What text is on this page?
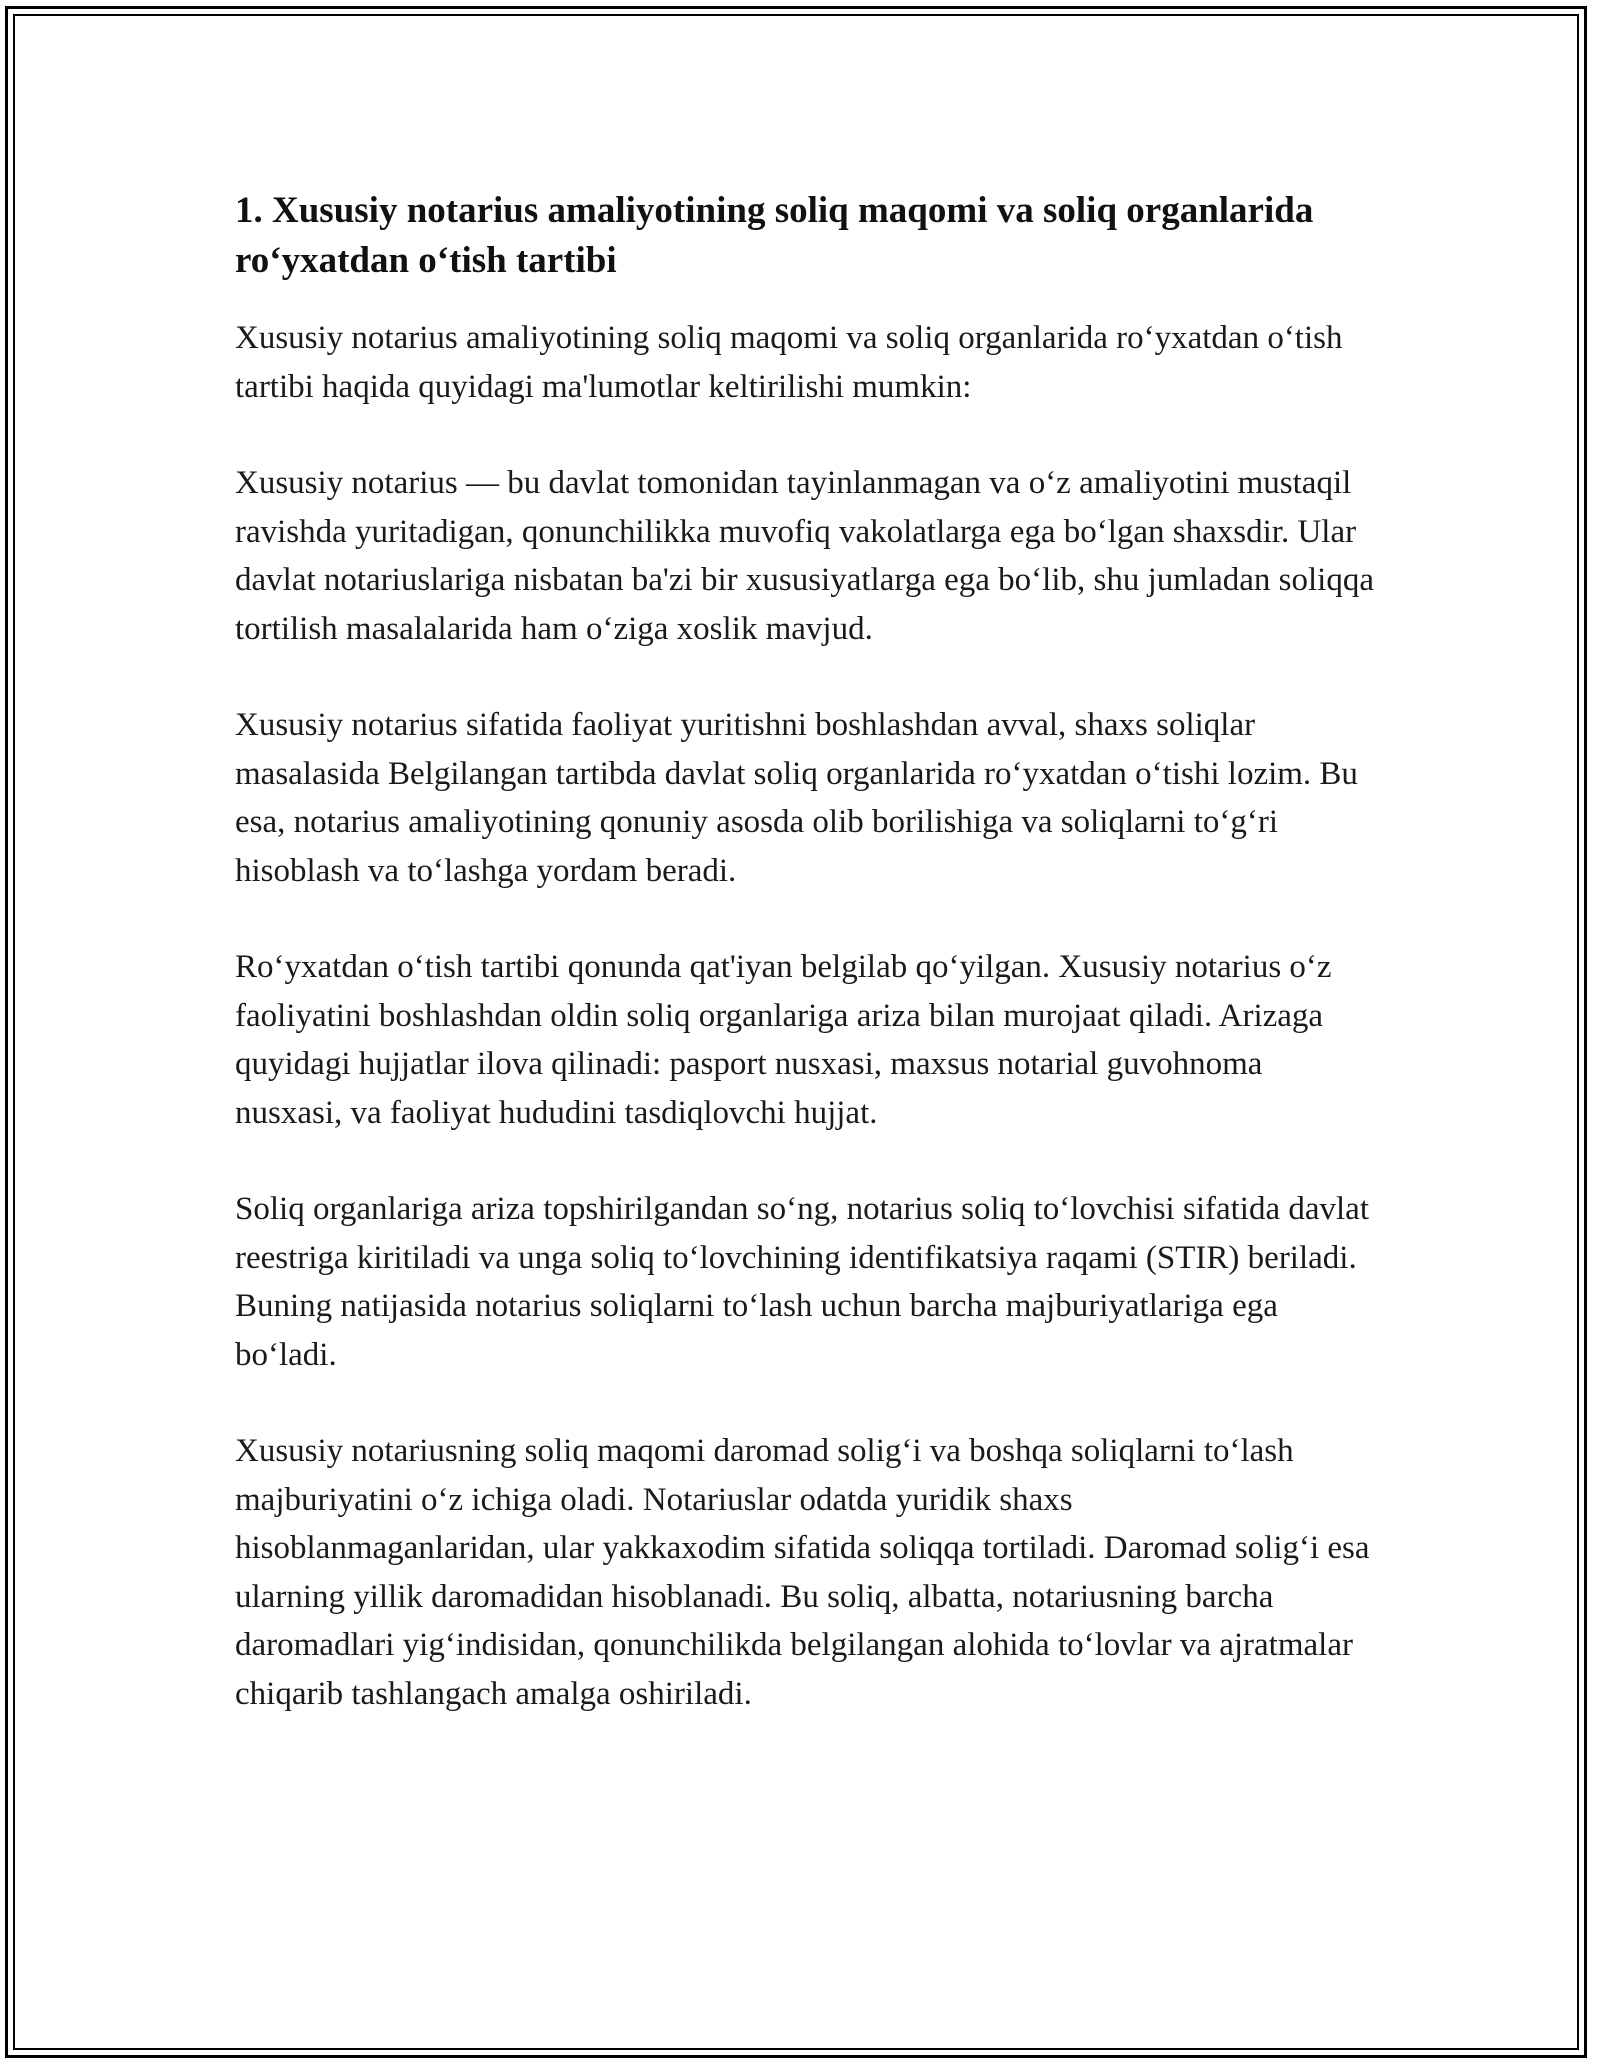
1. Xususiy notarius amaliyotining soliq maqomi va soliq organlarida ro‘yxatdan o‘tish tartibi

Xususiy notarius amaliyotining soliq maqomi va soliq organlarida ro‘yxatdan o‘tish tartibi haqida quyidagi ma'lumotlar keltirilishi mumkin:

Xususiy notarius — bu davlat tomonidan tayinlanmagan va o‘z amaliyotini mustaqil ravishda yuritadigan, qonunchilikka muvofiq vakolatlarga ega bo‘lgan shaxsdir. Ular davlat notariuslariga nisbatan ba'zi bir xususiyatlarga ega bo‘lib, shu jumladan soliqqa tortilish masalalarida ham o‘ziga xoslik mavjud.

Xususiy notarius sifatida faoliyat yuritishni boshlashdan avval, shaxs soliqlar masalasida Belgilangan tartibda davlat soliq organlarida ro‘yxatdan o‘tishi lozim. Bu esa, notarius amaliyotining qonuniy asosda olib borilishiga va soliqlarni to‘g‘ri hisoblash va to‘lashga yordam beradi.

Ro‘yxatdan o‘tish tartibi qonunda qat'iyan belgilab qo‘yilgan. Xususiy notarius o‘z faoliyatini boshlashdan oldin soliq organlariga ariza bilan murojaat qiladi. Arizaga quyidagi hujjatlar ilova qilinadi: pasport nusxasi, maxsus notarial guvohnoma nusxasi, va faoliyat hududini tasdiqlovchi hujjat.

Soliq organlariga ariza topshirilgandan so‘ng, notarius soliq to‘lovchisi sifatida davlat reestriga kiritiladi va unga soliq to‘lovchining identifikatsiya raqami (STIR) beriladi. Buning natijasida notarius soliqlarni to‘lash uchun barcha majburiyatlariga ega bo‘ladi.

Xususiy notariusning soliq maqomi daromad solig‘i va boshqa soliqlarni to‘lash majburiyatini o‘z ichiga oladi. Notariuslar odatda yuridik shaxs hisoblanmaganlaridan, ular yakkaxodim sifatida soliqqa tortiladi. Daromad solig‘i esa ularning yillik daromadidan hisoblanadi. Bu soliq, albatta, notariusning barcha daromadlari yig‘indisidan, qonunchilikda belgilangan alohida to‘lovlar va ajratmalar chiqarib tashlangach amalga oshiriladi.
